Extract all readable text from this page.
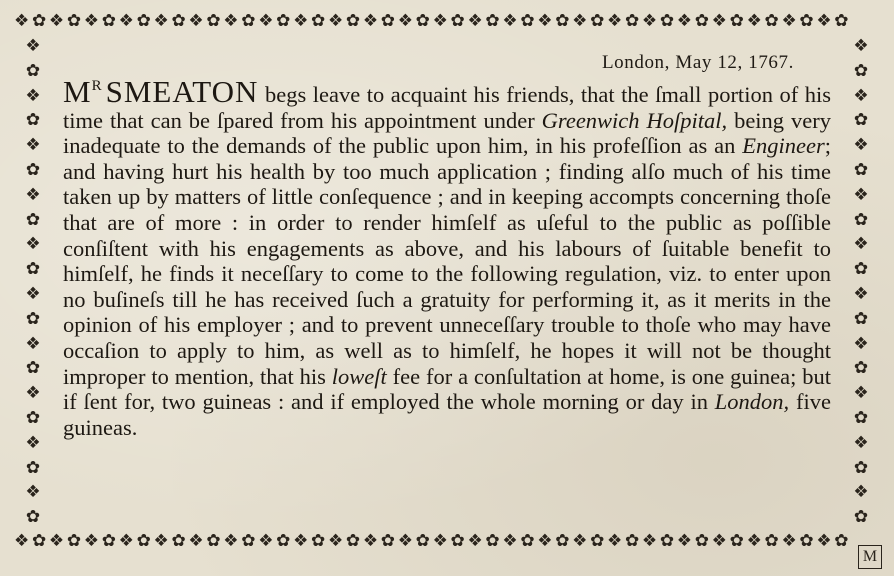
❖✿❖✿❖✿❖✿❖✿❖✿❖✿❖✿❖✿❖✿❖✿❖✿❖✿❖✿❖✿❖✿❖✿❖✿❖✿❖✿❖✿❖✿❖✿❖✿
❖✿❖✿❖✿❖✿❖✿❖✿❖✿❖✿❖✿❖✿❖✿❖✿❖✿❖✿❖✿❖✿❖✿❖✿❖✿❖✿❖✿❖✿❖✿❖✿
❖✿❖✿❖✿❖✿❖✿❖✿❖✿❖✿❖✿❖✿
❖✿❖✿❖✿❖✿❖✿❖✿❖✿❖✿❖✿❖✿
London, May 12, 1767.
$M^R$ SMEATON begs leave to acquaint his friends, that the ſmall portion of his time that can be ſpared from his appointment under Greenwich Hoſpital, being very inadequate to the demands of the public upon him, in his profeſſion as an Engineer; and having hurt his health by too much application ; finding alſo much of his time taken up by matters of little conſequence ; and in keeping accompts concerning thoſe that are of more : in order to render himſelf as uſeful to the public as poſſible conſiſtent with his engagements as above, and his labours of ſuitable benefit to himſelf, he finds it neceſſary to come to the following regulation, viz. to enter upon no buſineſs till he has received ſuch a gratuity for performing it, as it merits in the opinion of his employer ; and to prevent unneceſſary trouble to thoſe who may have occaſion to apply to him, as well as to himſelf, he hopes it will not be thought improper to mention, that his loweſt fee for a conſultation at home, is one guinea; but if ſent for, two guineas : and if employed the whole morning or day in London, five guineas.
M
